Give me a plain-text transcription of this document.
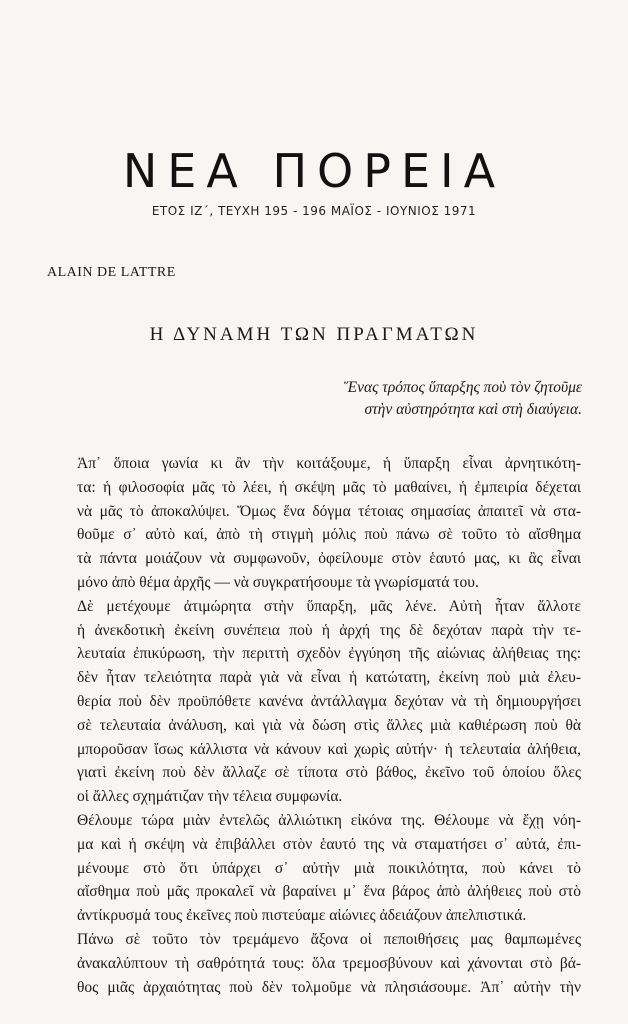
ΝΕΑ ΠΟΡΕΙΑ
ΕΤΟΣ ΙΖ΄, ΤΕΥΧΗ 195 - 196 ΜΑΪΟΣ - ΙΟΥΝΙΟΣ 1971
ALAIN DE LATTRE
Η ΔΥΝΑΜΗ ΤΩΝ ΠΡΑΓΜΑΤΩΝ
Ἕνας τρόπος ὕπαρξης ποὺ τὸν ζητοῦμε
στὴν αὐστηρότητα καὶ στὴ διαύγεια.

Ἀπ᾿ ὅποια γωνία κι ἂν τὴν κοιτάξουμε, ἡ ὕπαρξη εἶναι ἀρνητικότη-
τα: ἡ φιλοσοφία μᾶς τὸ λέει, ἡ σκέψη μᾶς τὸ μαθαίνει, ἡ ἐμπειρία δέχεται
νὰ μᾶς τὸ ἀποκαλύψει. Ὅμως ἕνα δόγμα τέτοιας σημασίας ἀπαιτεῖ νὰ στα-
θοῦμε σ᾿ αὐτὸ καί, ἀπὸ τὴ στιγμὴ μόλις ποὺ πάνω σὲ τοῦτο τὸ αἴσθημα
τὰ πάντα μοιάζουν νὰ συμφωνοῦν, ὀφείλουμε στὸν ἑαυτό μας, κι ἂς εἶναι
μόνο ἀπὸ θέμα ἀρχῆς — νὰ συγκρατήσουμε τὰ γνωρίσματά του.

Δὲ μετέχουμε ἀτιμώρητα στὴν ὕπαρξη, μᾶς λένε. Αὐτὴ ἦταν ἄλλοτε
ἡ ἀνεκδοτικὴ ἐκείνη συνέπεια ποὺ ἡ ἀρχή της δὲ δεχόταν παρὰ τὴν τε-
λευταία ἐπικύρωση, τὴν περιττὴ σχεδὸν ἐγγύηση τῆς αἰώνιας ἀλήθειας της:
δὲν ἦταν τελειότητα παρὰ γιὰ νὰ εἶναι ἡ κατώτατη, ἐκείνη ποὺ μιὰ ἐλευ-
θερία ποὺ δὲν προϋπόθετε κανένα ἀντάλλαγμα δεχόταν νὰ τὴ δημιουργήσει
σὲ τελευταία ἀνάλυση, καὶ γιὰ νὰ δώση στὶς ἄλλες μιὰ καθιέρωση ποὺ θὰ
μποροῦσαν ἴσως κάλλιστα νὰ κάνουν καὶ χωρὶς αὐτήν· ἡ τελευταία ἀλήθεια,
γιατὶ ἐκείνη ποὺ δὲν ἄλλαζε σὲ τίποτα στὸ βάθος, ἐκεῖνο τοῦ ὁποίου ὅλες
οἱ ἄλλες σχημάτιζαν τὴν τέλεια συμφωνία.

Θέλουμε τώρα μιὰν ἐντελῶς ἀλλιώτικη εἰκόνα της. Θέλουμε νὰ ἔχῃ νόη-
μα καὶ ἡ σκέψη νὰ ἐπιβάλλει στὸν ἑαυτό της νὰ σταματήσει σ᾿ αὐτά, ἐπι-
μένουμε στὸ ὅτι ὑπάρχει σ᾿ αὐτὴν μιὰ ποικιλότητα, ποὺ κάνει τὸ
αἴσθημα ποὺ μᾶς προκαλεῖ νὰ βαραίνει μ᾿ ἕνα βάρος ἀπὸ ἀλήθειες ποὺ στὸ
ἀντίκρυσμά τους ἐκεῖνες ποὺ πιστεύαμε αἰώνιες ἀδειάζουν ἀπελπιστικά.

Πάνω σὲ τοῦτο τὸν τρεμάμενο ἄξονα οἱ πεποιθήσεις μας θαμπωμένες
ἀνακαλύπτουν τὴ σαθρότητά τους: ὅλα τρεμοσβύνουν καὶ χάνονται στὸ βά-
θος μιᾶς ἀρχαιότητας ποὺ δὲν τολμοῦμε νὰ πλησιάσουμε. Ἀπ᾿ αὐτὴν τὴν
